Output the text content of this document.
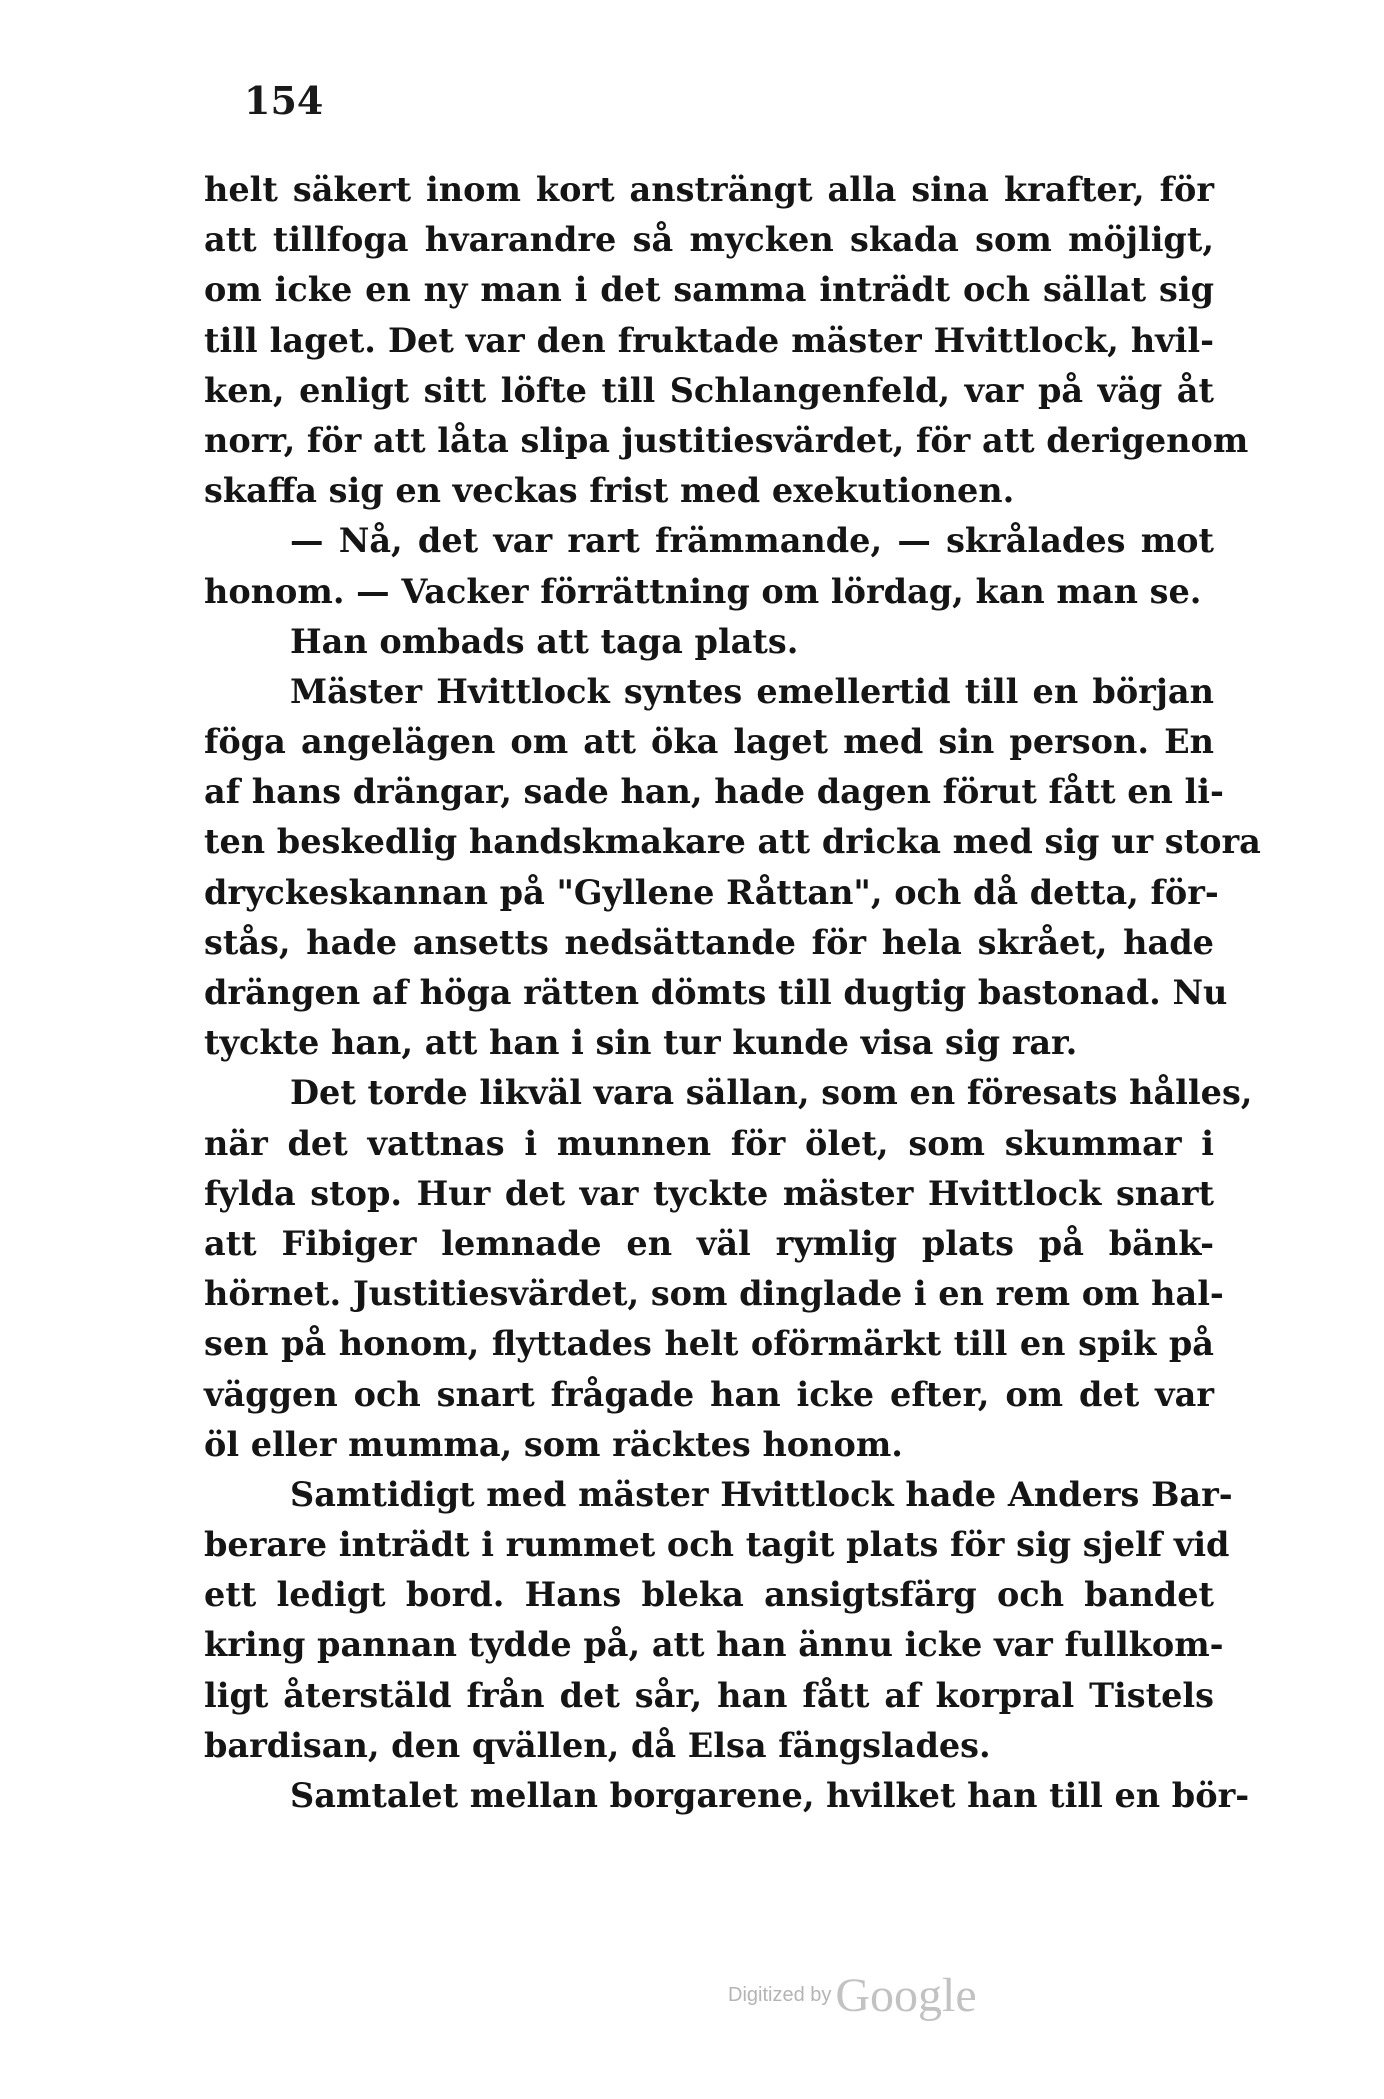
154
helt säkert inom kort ansträngt alla sina krafter, för
att tillfoga hvarandre så mycken skada som möjligt,
om icke en ny man i det samma inträdt och sällat sig
till laget. Det var den fruktade mäster Hvittlock, hvil-
ken, enligt sitt löfte till Schlangenfeld, var på väg åt
norr, för att låta slipa justitiesvärdet, för att derigenom
skaffa sig en veckas frist med exekutionen.
— Nå, det var rart främmande, — skrålades mot
honom. — Vacker förrättning om lördag, kan man se.
Han ombads att taga plats.
Mäster Hvittlock syntes emellertid till en början
föga angelägen om att öka laget med sin person. En
af hans drängar, sade han, hade dagen förut fått en li-
ten beskedlig handskmakare att dricka med sig ur stora
dryckeskannan på "Gyllene Råttan", och då detta, för-
stås, hade ansetts nedsättande för hela skrået, hade
drängen af höga rätten dömts till dugtig bastonad. Nu
tyckte han, att han i sin tur kunde visa sig rar.
Det torde likväl vara sällan, som en föresats hålles,
när det vattnas i munnen för ölet, som skummar i
fylda stop. Hur det var tyckte mäster Hvittlock snart
att Fibiger lemnade en väl rymlig plats på bänk-
hörnet. Justitiesvärdet, som dinglade i en rem om hal-
sen på honom, flyttades helt oförmärkt till en spik på
väggen och snart frågade han icke efter, om det var
öl eller mumma, som räcktes honom.
Samtidigt med mäster Hvittlock hade Anders Bar-
berare inträdt i rummet och tagit plats för sig sjelf vid
ett ledigt bord. Hans bleka ansigtsfärg och bandet
kring pannan tydde på, att han ännu icke var fullkom-
ligt återstäld från det sår, han fått af korpral Tistels
bardisan, den qvällen, då Elsa fängslades.
Samtalet mellan borgarene, hvilket han till en bör-
Digitized by Google
